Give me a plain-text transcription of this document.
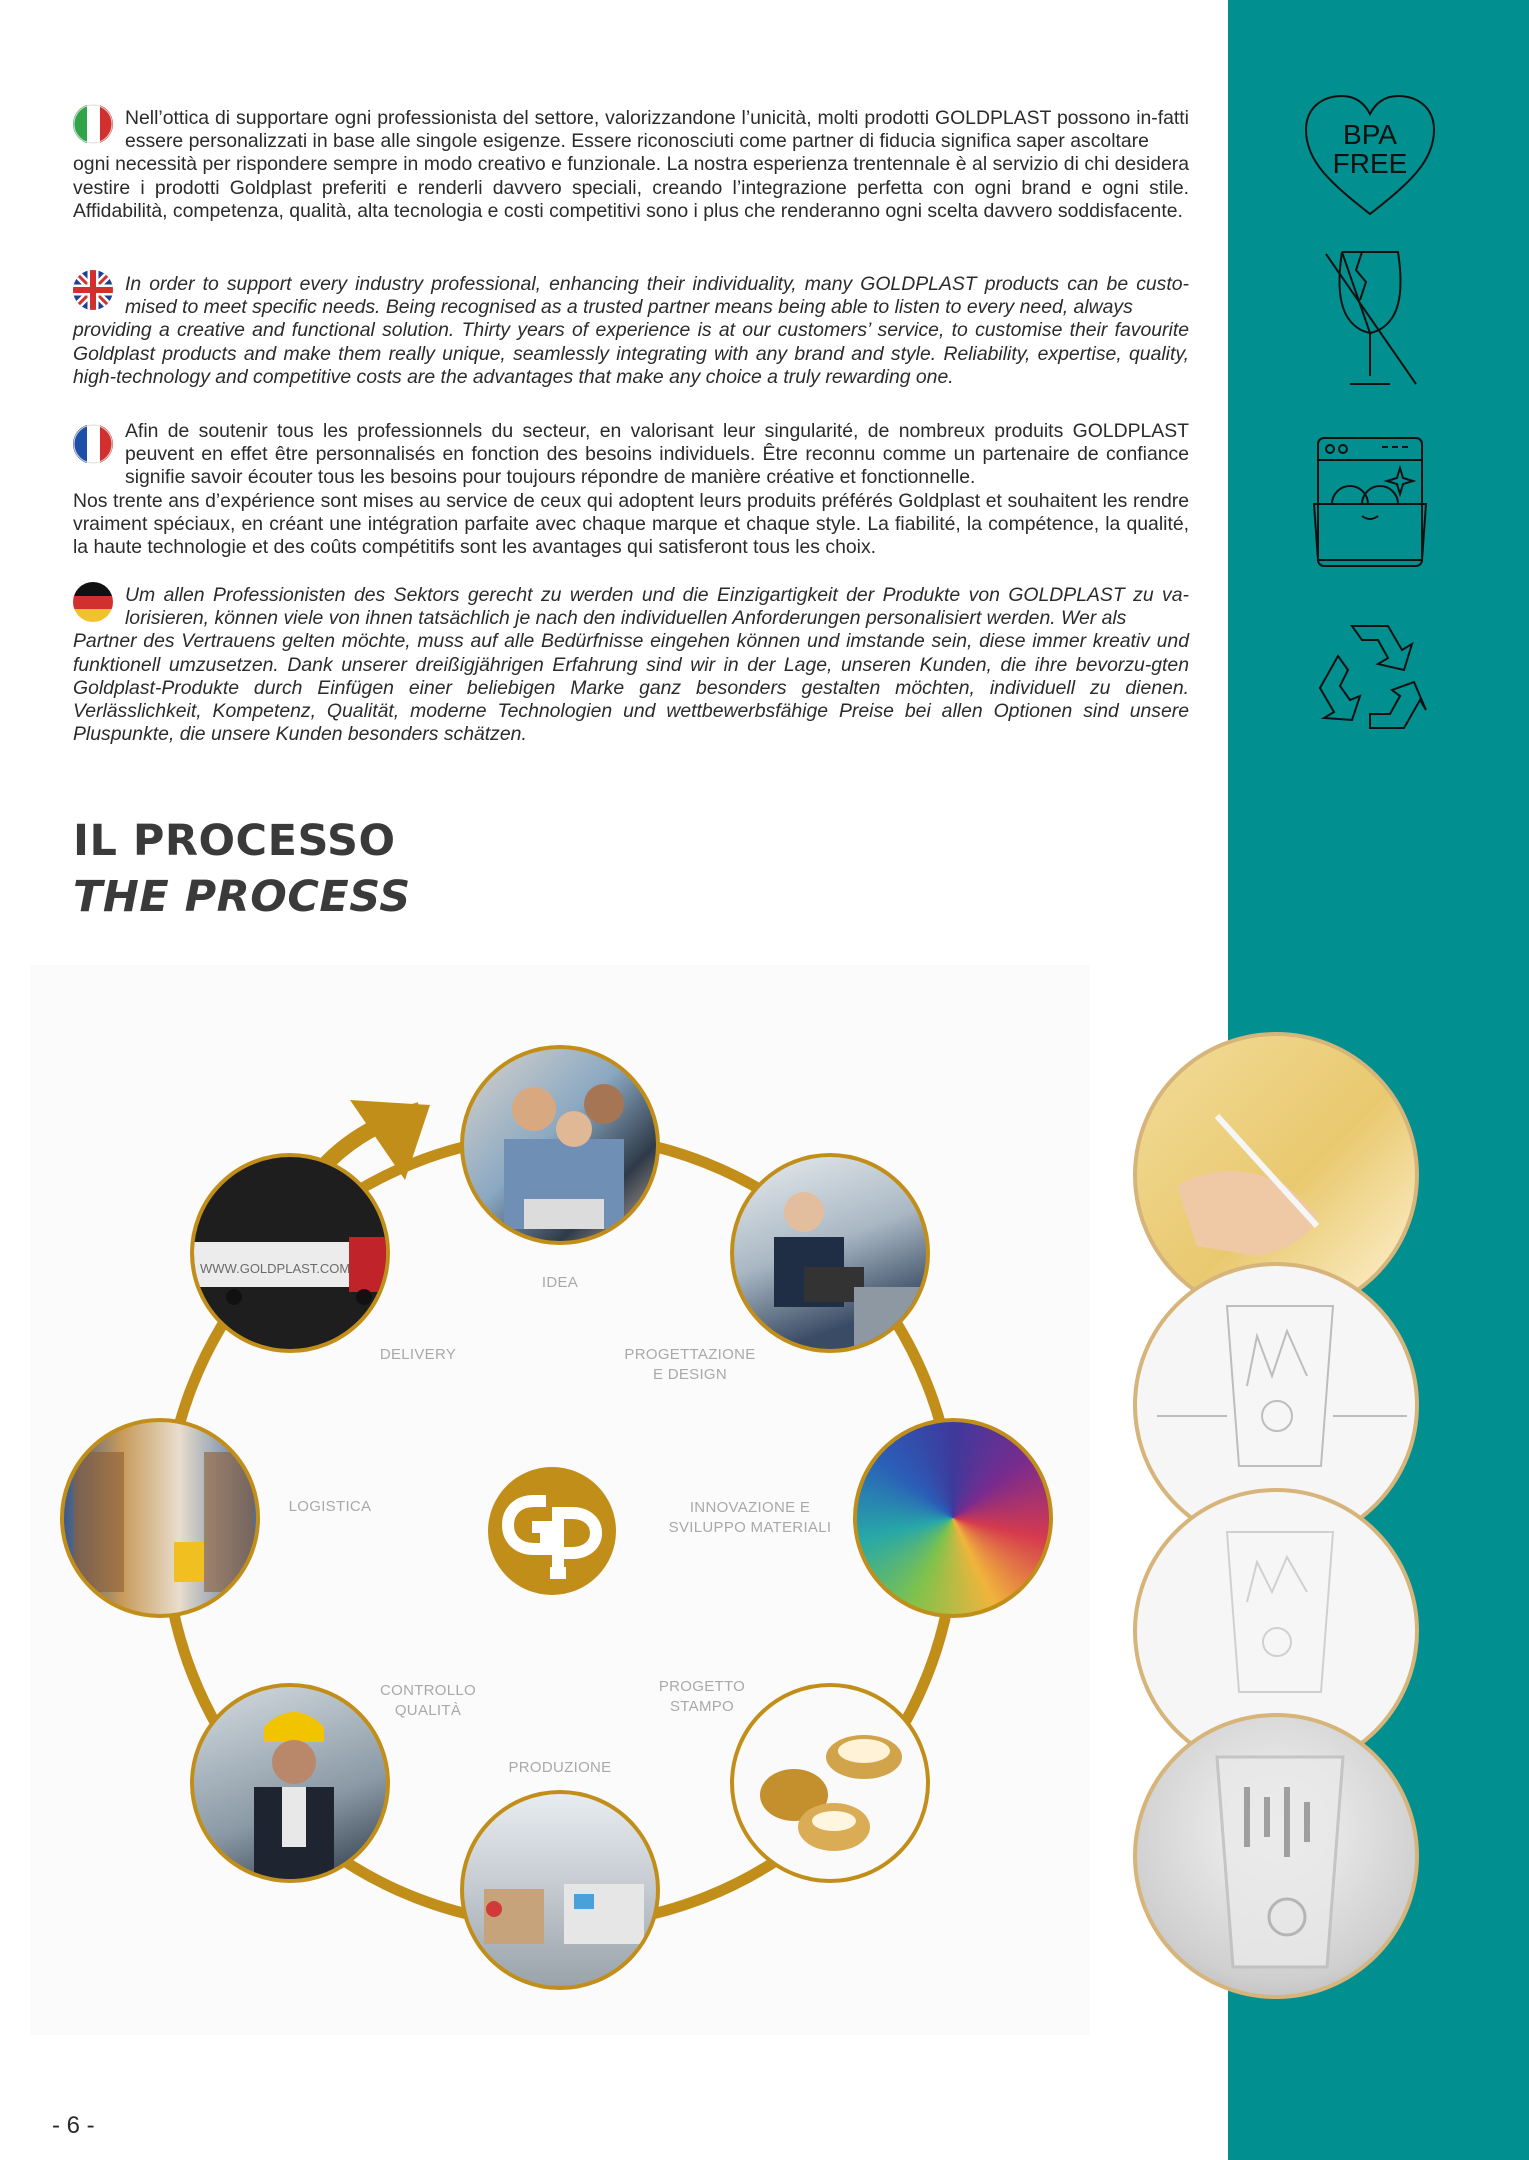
BPA
FREE

Nell’ottica di supportare ogni professionista del settore, valorizzandone l’unicità, molti prodotti GOLDPLAST possono in-fatti essere personalizzati in base alle singole esigenze. Essere riconosciuti come partner di fiducia significa saper ascoltare
ogni necessità per rispondere sempre in modo creativo e funzionale. La nostra esperienza trentennale è al servizio di chi desidera vestire i prodotti Goldplast preferiti e renderli davvero speciali, creando l’integrazione perfetta con ogni brand e ogni stile. Affidabilità, competenza, qualità, alta tecnologia e costi competitivi sono i plus che renderanno ogni scelta davvero soddisfacente.

In order to support every industry professional, enhancing their individuality, many GOLDPLAST products can be custo-mised to meet specific needs. Being recognised as a trusted partner means being able to listen to every need, always
providing a creative and functional solution. Thirty years of experience is at our customers’ service, to customise their favourite Goldplast products and make them really unique, seamlessly integrating with any brand and style. Reliability, expertise, quality, high-technology and competitive costs are the advantages that make any choice a truly rewarding one.

Afin de soutenir tous les professionnels du secteur, en valorisant leur singularité, de nombreux produits GOLDPLAST peuvent en effet être personnalisés en fonction des besoins individuels. Être reconnu comme un partenaire de confiance signifie savoir écouter tous les besoins pour toujours répondre de manière créative et fonctionnelle.
Nos trente ans d’expérience sont mises au service de ceux qui adoptent leurs produits préférés Goldplast et souhaitent les rendre vraiment spéciaux, en créant une intégration parfaite avec chaque marque et chaque style. La fiabilité, la compétence, la qualité, la haute technologie et des coûts compétitifs sont les avantages qui satisferont tous les choix.

Um allen Professionisten des Sektors gerecht zu werden und die Einzigartigkeit der Produkte von GOLDPLAST zu va-lorisieren, können viele von ihnen tatsächlich je nach den individuellen Anforderungen personalisiert werden. Wer als
Partner des Vertrauens gelten möchte, muss auf alle Bedürfnisse eingehen können und imstande sein, diese immer kreativ und funktionell umzusetzen. Dank unserer dreißigjährigen Erfahrung sind wir in der Lage, unseren Kunden, die ihre bevorzu-gten Goldplast-Produkte durch Einfügen einer beliebigen Marke ganz besonders gestalten möchten, individuell zu dienen. Verlässlichkeit, Kompetenz, Qualität, moderne Technologien und wettbewerbsfähige Preise bei allen Optionen sind unsere Pluspunkte, die unsere Kunden besonders schätzen.

IL PROCESSO
THE PROCESS
WWW.GOLDPLAST.COM
IDEA
PROGETTAZIONE
E DESIGN
INNOVAZIONE E
SVILUPPO MATERIALI
PROGETTO
STAMPO
PRODUZIONE
CONTROLLO
QUALITÀ
LOGISTICA
DELIVERY
- 6 -
